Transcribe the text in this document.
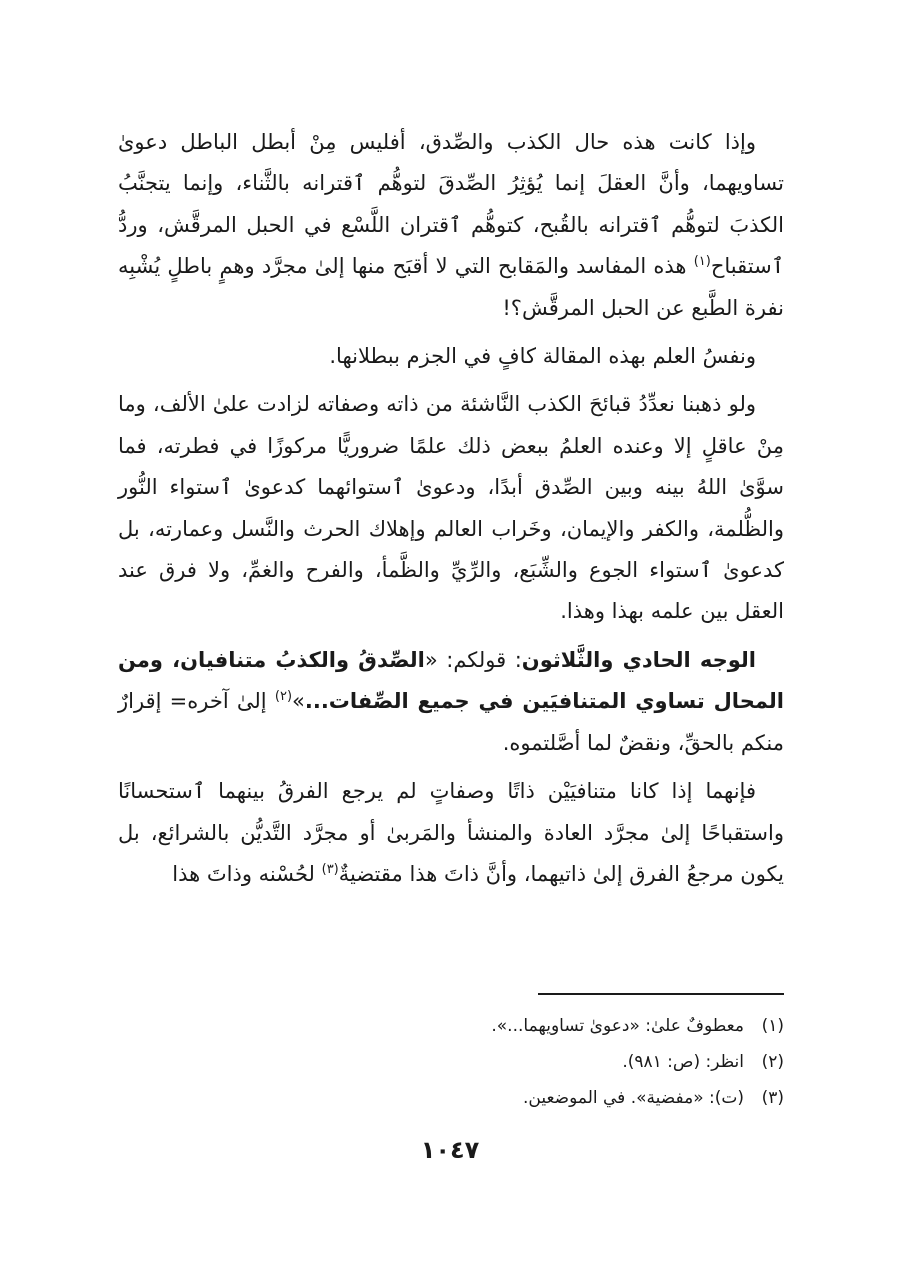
وإذا كانت هذه حال الكذب والصِّدق، أفليس مِنْ أبطل الباطل دعوىٰ تساويهما، وأنَّ العقلَ إنما يُؤثِرُ الصِّدقَ لتوهُّم ٱقترانه بالثَّناء، وإنما يتجنَّبُ الكذبَ لتوهُّم ٱقترانه بالقُبح، كتوهُّم ٱقتران اللَّسْع في الحبل المرقَّش، وردُّ ٱستقباح$^{(١)}$ هذه المفاسد والمَقابح التي لا أقبَح منها إلىٰ مجرَّد وهمٍ باطلٍ يُشْبِه نفرة الطَّبع عن الحبل المرقَّش؟!

ونفسُ العلم بهذه المقالة كافٍ في الجزم ببطلانها.

ولو ذهبنا نعدِّدُ قبائحَ الكذب النَّاشئة من ذاته وصفاته لزادت علىٰ الألف، وما مِنْ عاقلٍ إلا وعنده العلمُ ببعض ذلك علمًا ضروريًّا مركوزًا في فطرته، فما سوَّىٰ اللهُ بينه وبين الصِّدق أبدًا، ودعوىٰ ٱستوائهما كدعوىٰ ٱستواء النُّور والظُّلمة، والكفر والإيمان، وخَراب العالم وإهلاك الحرث والنَّسل وعمارته، بل كدعوىٰ ٱستواء الجوع والشِّبَع، والرِّيِّ والظَّمأ، والفرح والغمِّ، ولا فرق عند العقل بين علمه بهذا وهذا.

الوجه الحادي والثَّلاثون: قولكم: «الصِّدقُ والكذبُ متنافيان، ومن المحال تساوي المتنافيَين في جميع الصِّفات...»$^{(٢)}$ إلىٰ آخره= إقرارٌ منكم بالحقِّ، ونقضٌ لما أصَّلتموه.

فإنهما إذا كانا متنافيَيْن ذاتًا وصفاتٍ لم يرجع الفرقُ بينهما ٱستحسانًا واستقباحًا إلىٰ مجرَّد العادة والمنشأ والمَربىٰ أو مجرَّد التَّديُّن بالشرائع، بل يكون مرجعُ الفرق إلىٰ ذاتيهما، وأنَّ ذاتَ هذا مقتضيةٌ$^{(٣)}$ لحُسْنه وذاتَ هذا

(١)معطوفٌ علىٰ: «دعوىٰ تساويهما...».
(٢)انظر: (ص: ٩٨١).
(٣)(ت): «مفضية». في الموضعين.
١٠٤٧
